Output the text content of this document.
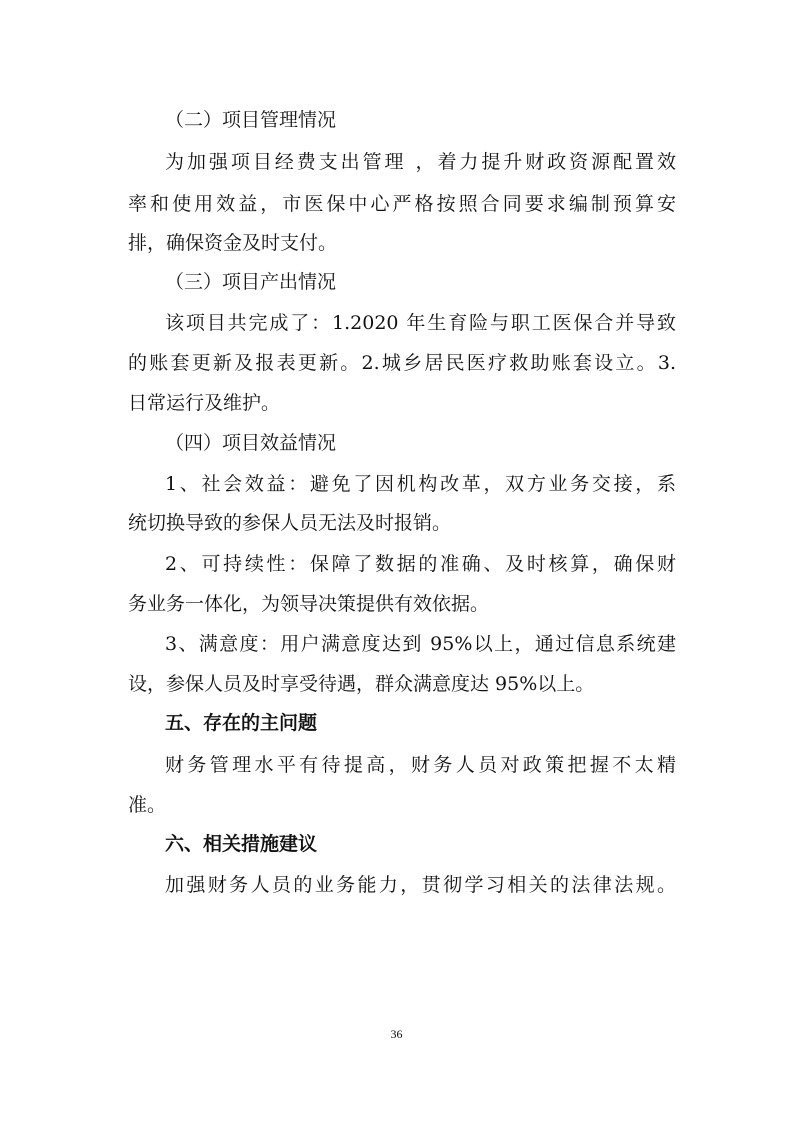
（二）项目管理情况
为加强项目经费支出管理 ，着力提升财政资源配置效
率和使用效益，市医保中心严格按照合同要求编制预算安
排，确保资金及时支付。
（三）项目产出情况
该项目共完成了：1.2020 年生育险与职工医保合并导致
的账套更新及报表更新。2.城乡居民医疗救助账套设立。3.
日常运行及维护。
（四）项目效益情况
1、社会效益：避免了因机构改革，双方业务交接，系
统切换导致的参保人员无法及时报销。
2、可持续性：保障了数据的准确、及时核算，确保财
务业务一体化，为领导决策提供有效依据。
3、满意度：用户满意度达到 95%以上，通过信息系统建
设，参保人员及时享受待遇，群众满意度达 95%以上。
五、存在的主问题
财务管理水平有待提高，财务人员对政策把握不太精
准。
六、相关措施建议
加强财务人员的业务能力，贯彻学习相关的法律法规。
36
